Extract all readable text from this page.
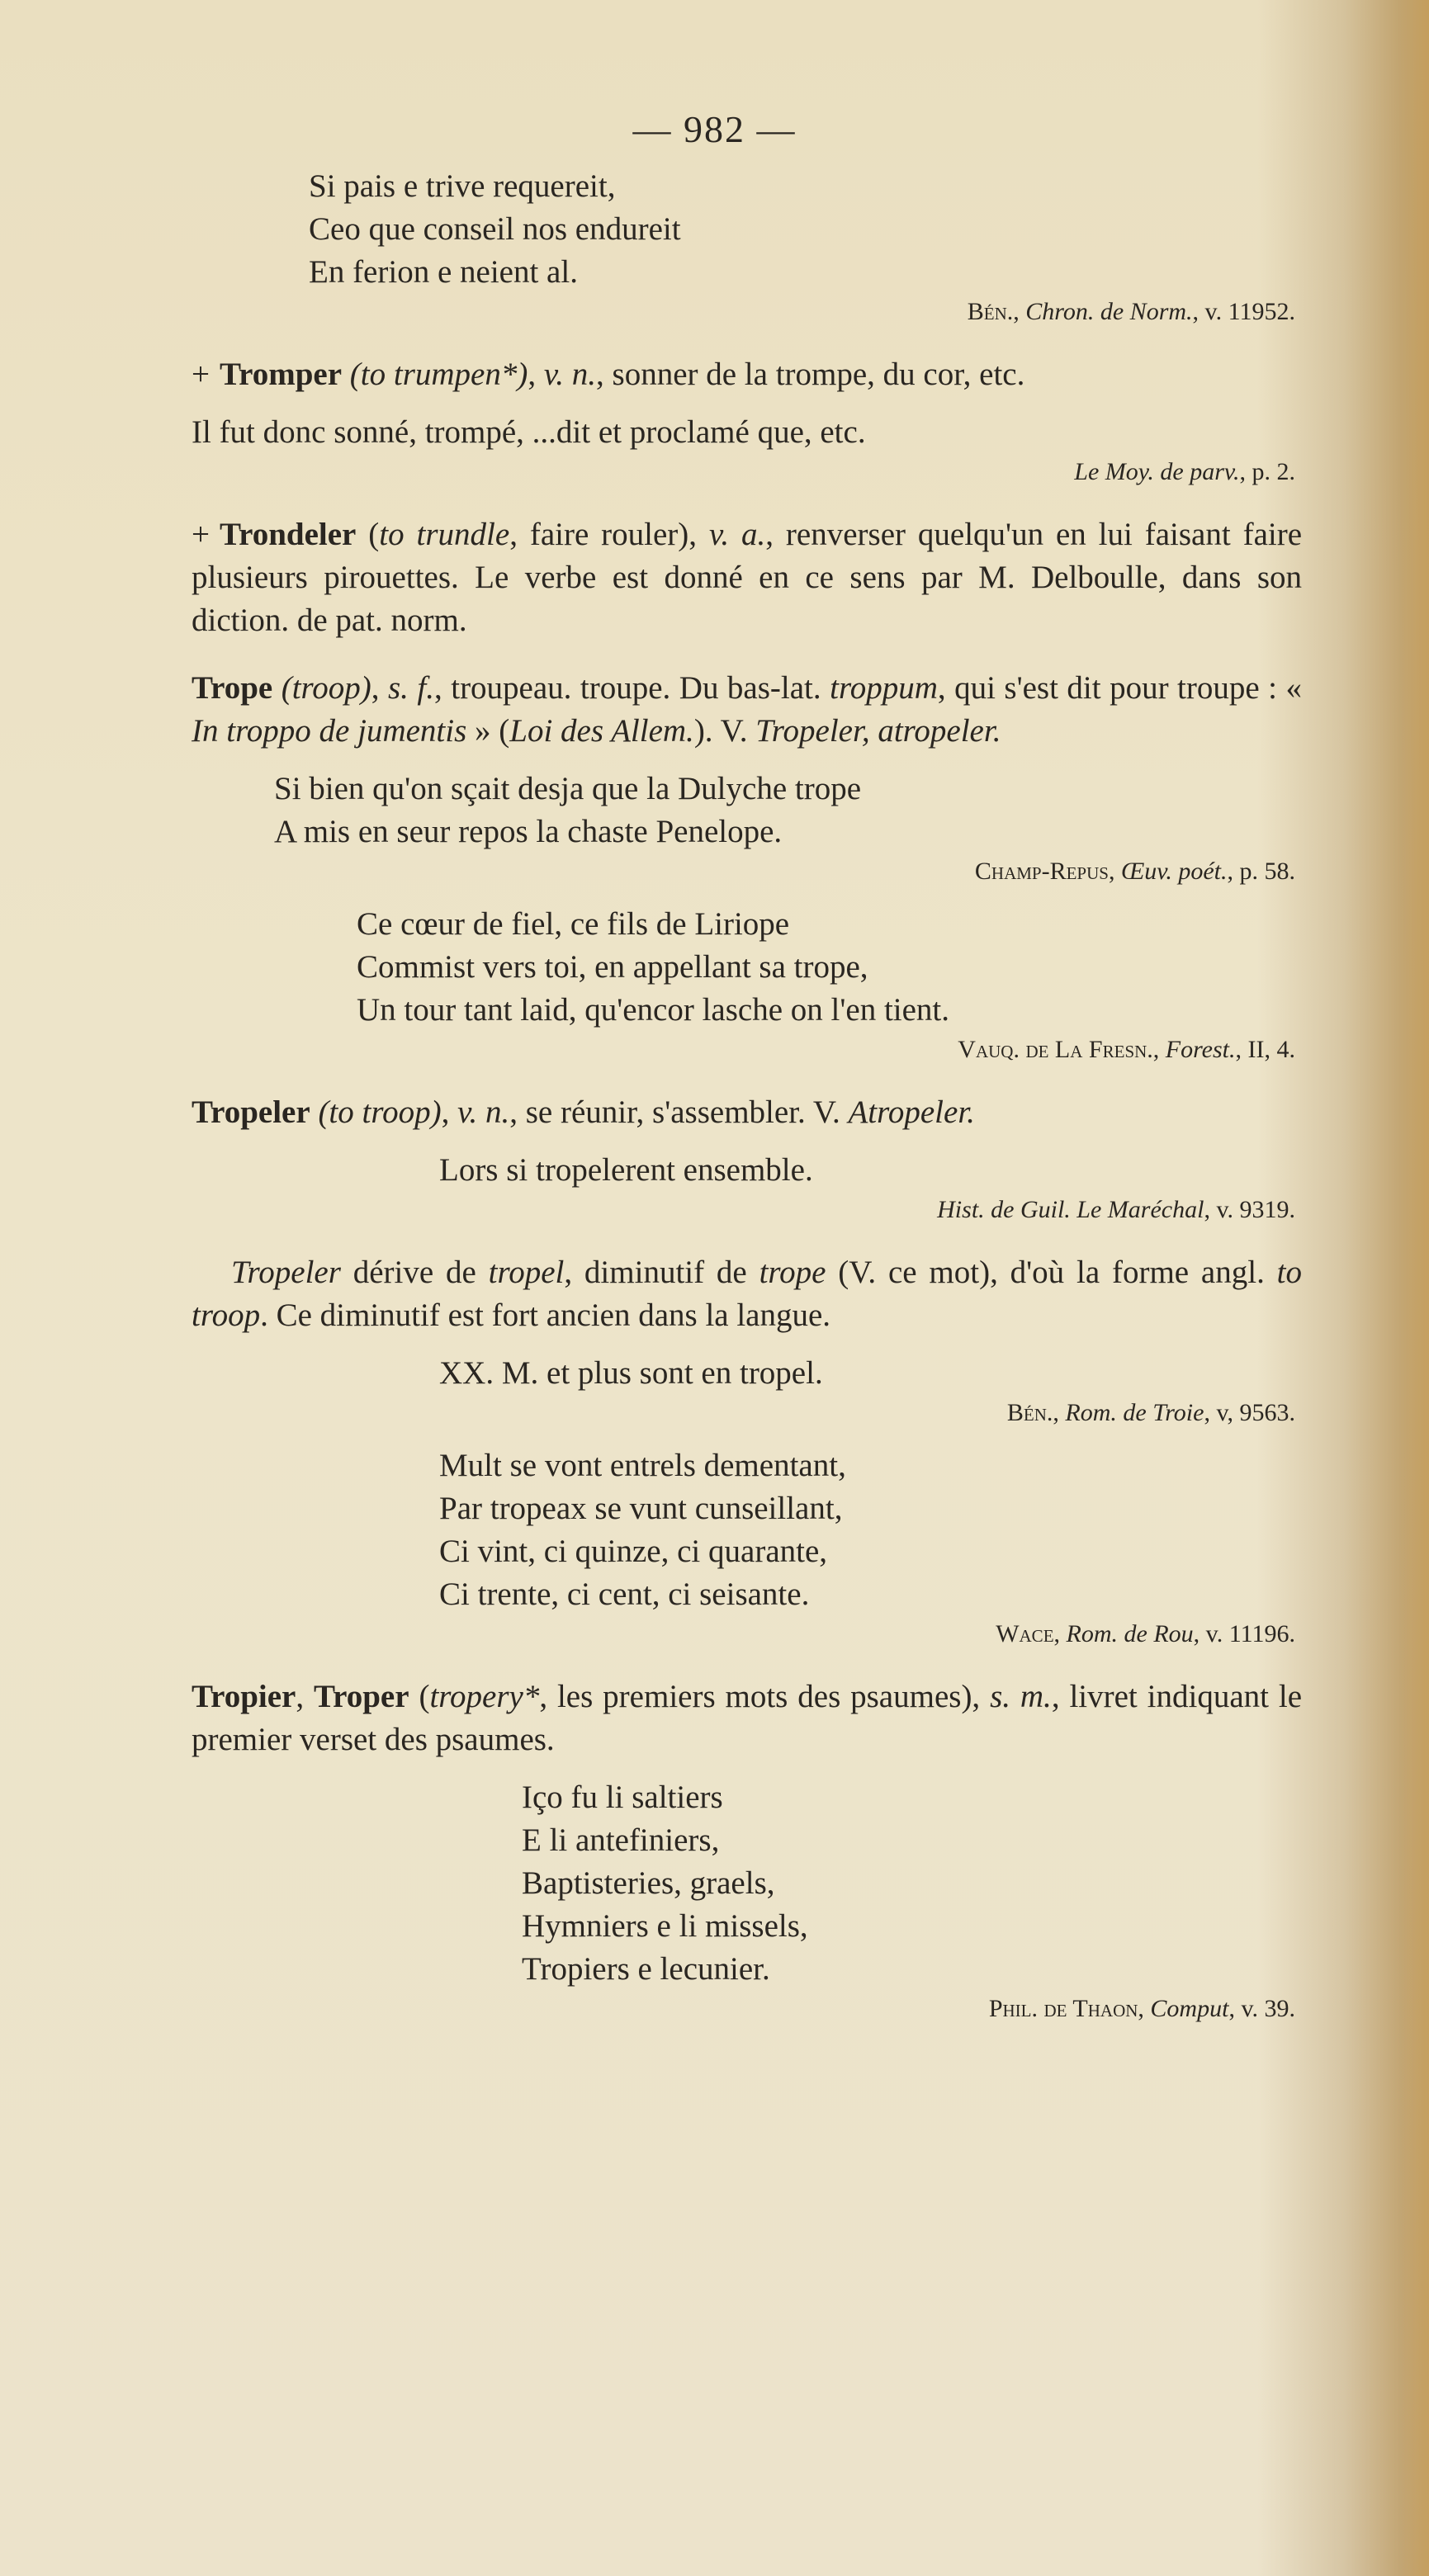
— 982 —
Si pais e trive requereit,
Ceo que conseil nos endureit
En ferion e neient al.
Bén., Chron. de Norm., v. 11952.
+ Tromper (to trumpen*), v. n., sonner de la trompe, du cor, etc.
Il fut donc sonné, trompé, ...dit et proclamé que, etc.
Le Moy. de parv., p. 2.
+ Trondeler (to trundle, faire rouler), v. a., renverser quelqu'un en lui faisant faire plusieurs pirouettes. Le verbe est donné en ce sens par M. Delboulle, dans son diction. de pat. norm.
Trope (troop), s. f., troupeau. troupe. Du bas-lat. troppum, qui s'est dit pour troupe : « In troppo de jumentis » (Loi des Allem.). V. Tropeler, atropeler.
Si bien qu'on sçait desja que la Dulyche trope
A mis en seur repos la chaste Penelope.
Champ-Repus, Œuv. poét., p. 58.
Ce cœur de fiel, ce fils de Liriope
Commist vers toi, en appellant sa trope,
Un tour tant laid, qu'encor lasche on l'en tient.
Vauq. de La Fresn., Forest., II, 4.
Tropeler (to troop), v. n., se réunir, s'assembler. V. Atropeler.
Lors si tropelerent ensemble.
Hist. de Guil. Le Maréchal, v. 9319.
Tropeler dérive de tropel, diminutif de trope (V. ce mot), d'où la forme angl. to troop. Ce diminutif est fort ancien dans la langue.
XX. M. et plus sont en tropel.
Bén., Rom. de Troie, v, 9563.
Mult se vont entrels dementant,
Par tropeax se vunt cunseillant,
Ci vint, ci quinze, ci quarante,
Ci trente, ci cent, ci seisante.
Wace, Rom. de Rou, v. 11196.
Tropier, Troper (tropery*, les premiers mots des psaumes), s. m., livret indiquant le premier verset des psaumes.
Içо fu li saltiers
E li antefiniers,
Baptisteries, graels,
Hymniers e li missels,
Tropiers e lecunier.
Phil. de Thaon, Comput, v. 39.
